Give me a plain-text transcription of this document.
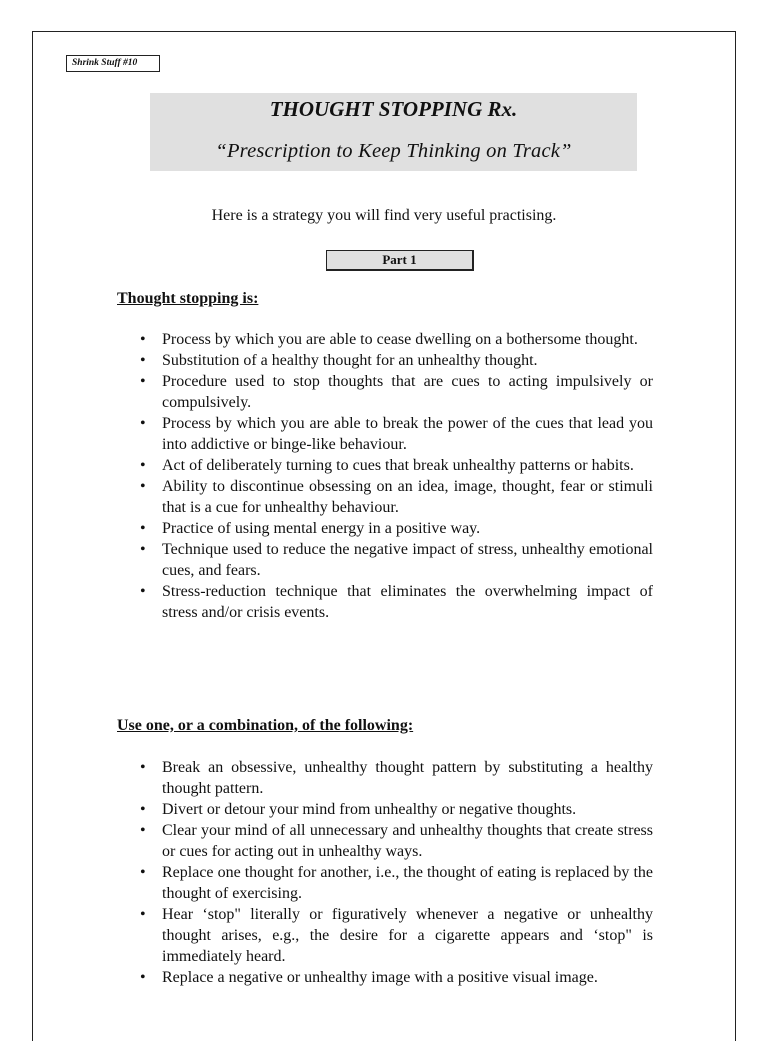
Shrink Stuff #10
THOUGHT STOPPING Rx.
“Prescription to Keep Thinking on Track”
Here is a strategy you will find very useful practising.
Part 1
Thought stopping is:
• Process by which you are able to cease dwelling on a bothersome thought.
• Substitution of a healthy thought for an unhealthy thought.
• Procedure used to stop thoughts that are cues to acting impulsively or compulsively.
• Process by which you are able to break the power of the cues that lead you into addictive or binge-like behaviour.
• Act of deliberately turning to cues that break unhealthy patterns or habits.
• Ability to discontinue obsessing on an idea, image, thought, fear or stimuli that is a cue for unhealthy behaviour.
• Practice of using mental energy in a positive way.
• Technique used to reduce the negative impact of stress, unhealthy emotional cues, and fears.
• Stress-reduction technique that eliminates the overwhelming impact of stress and/or crisis events.
Use one, or a combination, of the following:
• Break an obsessive, unhealthy thought pattern by substituting a healthy thought pattern.
• Divert or detour your mind from unhealthy or negative thoughts.
• Clear your mind of all unnecessary and unhealthy thoughts that create stress or cues for acting out in unhealthy ways.
• Replace one thought for another, i.e., the thought of eating is replaced by the thought of exercising.
• Hear ‘stop" literally or figuratively whenever a negative or unhealthy thought arises, e.g., the desire for a cigarette appears and ‘stop" is immediately heard.
• Replace a negative or unhealthy image with a positive visual image.
